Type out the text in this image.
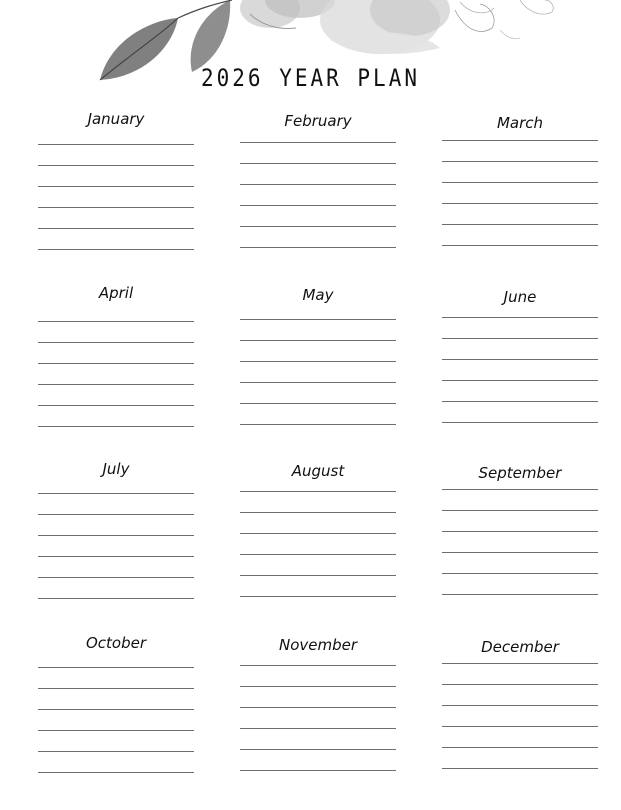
2026 YEAR PLAN
January	February	March
April	May	June
July	August	September
October	November	December
